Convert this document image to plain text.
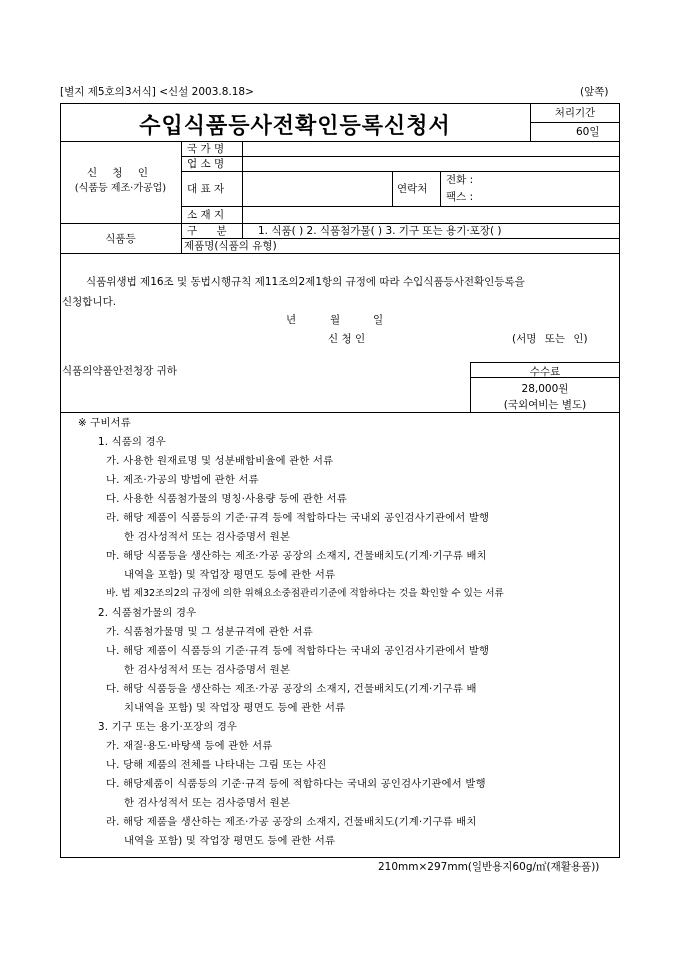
[별지 제5호의3서식] <신설 2003.8.18>	(앞쪽)
수입식품등사전확인등록신청서	처리기간
60일
신 청 인
(식품등 제조·가공업)
국 가 명
업 소 명
대 표 자	연락처
전화 :
팩스 :
소 재 지
식품등
구 분 1. 식품( ) 2. 식품첨가물( ) 3. 기구 또는 용기·포장( )
제품명(식품의 유형)
식품위생법 제16조 및 동법시행규칙 제11조의2제1항의 규정에 따라 수입식품등사전확인등록을
신청합니다.
년	월	일
신 청 인	(서명 또는 인)
식품의약품안전청장 귀하	수수료
28,000원
(국외여비는 별도)
※ 구비서류
1. 식품의 경우
가. 사용한 원재료명 및 성분배합비율에 관한 서류
나. 제조·가공의 방법에 관한 서류
다. 사용한 식품첨가물의 명칭·사용량 등에 관한 서류
라. 해당 제품이 식품등의 기준·규격 등에 적합하다는 국내외 공인검사기관에서 발행
한 검사성적서 또는 검사증명서 원본
마. 해당 식품등을 생산하는 제조·가공 공장의 소재지, 건물배치도(기계·기구류 배치
내역을 포함) 및 작업장 평면도 등에 관한 서류
바. 법 제32조의2의 규정에 의한 위해요소중점관리기준에 적합하다는 것을 확인할 수 있는 서류
2. 식품첨가물의 경우
가. 식품첨가물명 및 그 성분규격에 관한 서류
나. 해당 제품이 식품등의 기준·규격 등에 적합하다는 국내외 공인검사기관에서 발행
한 검사성적서 또는 검사증명서 원본
다. 해당 식품등을 생산하는 제조·가공 공장의 소재지, 건물배치도(기계·기구류 배
치내역을 포함) 및 작업장 평면도 등에 관한 서류
3. 기구 또는 용기·포장의 경우
가. 재질·용도·바탕색 등에 관한 서류
나. 당해 제품의 전체를 나타내는 그림 또는 사진
다. 해당제품이 식품등의 기준·규격 등에 적합하다는 국내외 공인검사기관에서 발행
한 검사성적서 또는 검사증명서 원본
라. 해당 제품을 생산하는 제조·가공 공장의 소재지, 건물배치도(기계·기구류 배치
내역을 포함) 및 작업장 평면도 등에 관한 서류
210mm×297mm(일반용지60g/㎡(재활용품))
